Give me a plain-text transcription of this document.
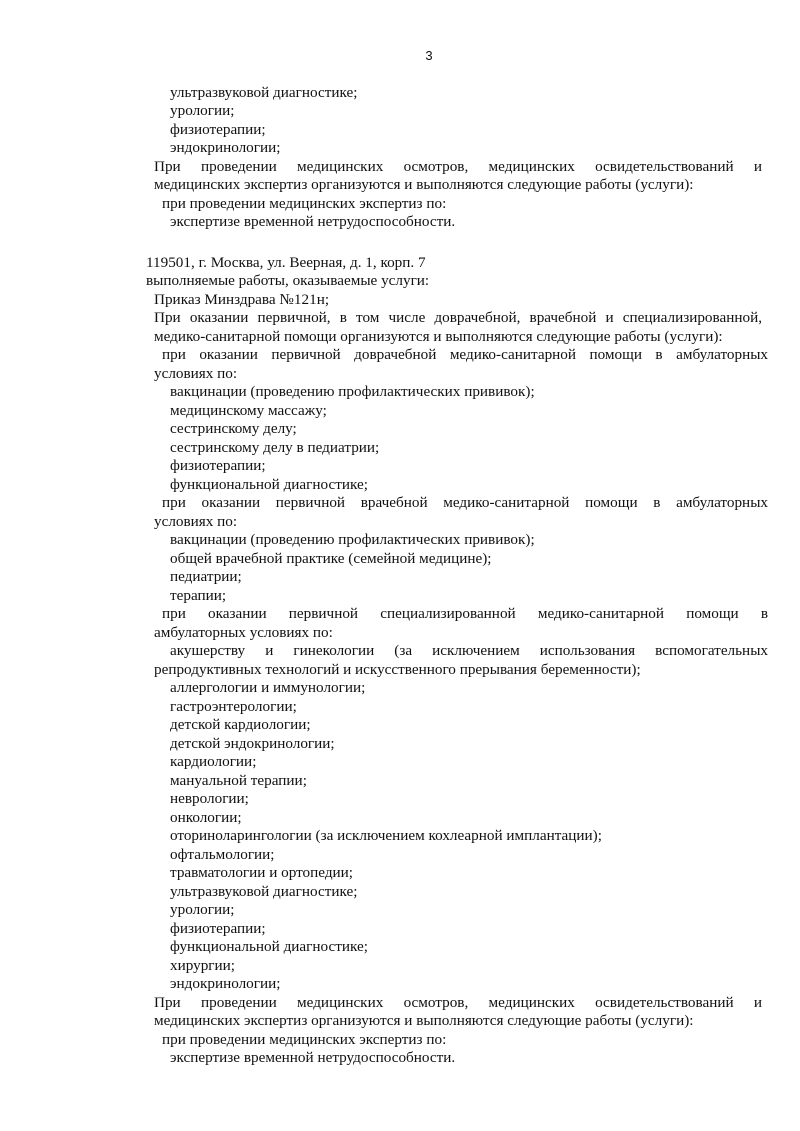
3
ультразвуковой диагностике;
урологии;
физиотерапии;
эндокринологии;
При проведении медицинских осмотров, медицинских освидетельствований и
медицинских экспертиз организуются и выполняются следующие работы (услуги):
при проведении медицинских экспертиз по:
экспертизе временной нетрудоспособности.
119501, г. Москва, ул. Веерная, д. 1, корп. 7
выполняемые работы, оказываемые услуги:
Приказ Минздрава №121н;
При оказании первичной, в том числе доврачебной, врачебной и специализированной,
медико-санитарной помощи организуются и выполняются следующие работы (услуги):
при оказании первичной доврачебной медико-санитарной помощи в амбулаторных
условиях по:
вакцинации (проведению профилактических прививок);
медицинскому массажу;
сестринскому делу;
сестринскому делу в педиатрии;
физиотерапии;
функциональной диагностике;
при оказании первичной врачебной медико-санитарной помощи в амбулаторных
условиях по:
вакцинации (проведению профилактических прививок);
общей врачебной практике (семейной медицине);
педиатрии;
терапии;
при оказании первичной специализированной медико-санитарной помощи в
амбулаторных условиях по:
акушерству и гинекологии (за исключением использования вспомогательных
репродуктивных технологий и искусственного прерывания беременности);
аллергологии и иммунологии;
гастроэнтерологии;
детской кардиологии;
детской эндокринологии;
кардиологии;
мануальной терапии;
неврологии;
онкологии;
оториноларингологии (за исключением кохлеарной имплантации);
офтальмологии;
травматологии и ортопедии;
ультразвуковой диагностике;
урологии;
физиотерапии;
функциональной диагностике;
хирургии;
эндокринологии;
При проведении медицинских осмотров, медицинских освидетельствований и
медицинских экспертиз организуются и выполняются следующие работы (услуги):
при проведении медицинских экспертиз по:
экспертизе временной нетрудоспособности.
